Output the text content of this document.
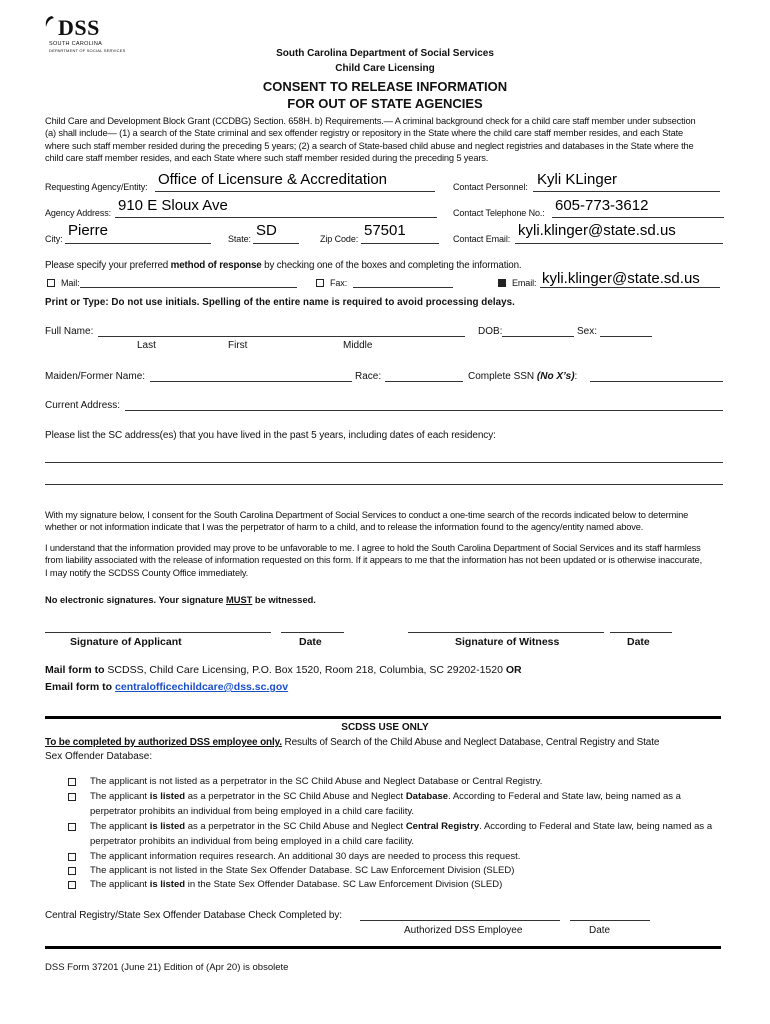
DSS
SOUTH CAROLINA
DEPARTMENT OF SOCIAL SERVICES	South Carolina Department of Social Services
Child Care Licensing
CONSENT TO RELEASE INFORMATION
FOR OUT OF STATE AGENCIES
Child Care and Development Block Grant (CCDBG) Section. 658H. b) Requirements.— A criminal background check for a child care staff member under subsection
(a) shall include— (1) a search of the State criminal and sex offender registry or repository in the State where the child care staff member resides, and each State
where such staff member resided during the preceding 5 years; (2) a search of State-based child abuse and neglect registries and databases in the State where the
child care staff member resides, and each State where such staff member resided during the preceding 5 years.
Requesting Agency/Entity: Office of Licensure & Accreditation	Contact Personnel: Kyli KLinger
Agency Address: 910 E Sloux Ave	Contact Telephone No.: 605-773-3612
City: Pierre	State: SD	Zip Code: 57501	Contact Email: kyli.klinger@state.sd.us
Please specify your preferred method of response by checking one of the boxes and completing the information.
Mail:	Fax:	Email: kyli.klinger@state.sd.us
Print or Type: Do not use initials. Spelling of the entire name is required to avoid processing delays.
Full Name:	DOB:	Sex:
Last	First	Middle
Maiden/Former Name:	Race:	Complete SSN (No X’s):
Current Address:
Please list the SC address(es) that you have lived in the past 5 years, including dates of each residency:
With my signature below, I consent for the South Carolina Department of Social Services to conduct a one-time search of the records indicated below to determine
whether or not information indicate that I was the perpetrator of harm to a child, and to release the information found to the agency/entity named above.
I understand that the information provided may prove to be unfavorable to me. I agree to hold the South Carolina Department of Social Services and its staff harmless
from liability associated with the release of information requested on this form. If it appears to me that the information has not been updated or is otherwise inaccurate,
I may notify the SCDSS County Office immediately.
No electronic signatures. Your signature MUST be witnessed.
Signature of Applicant	Date	Signature of Witness	Date
Mail form to SCDSS, Child Care Licensing, P.O. Box 1520, Room 218, Columbia, SC 29202-1520 OR
Email form to centralofficechildcare@dss.sc.gov
SCDSS USE ONLY
To be completed by authorized DSS employee only. Results of Search of the Child Abuse and Neglect Database, Central Registry and State
Sex Offender Database:
The applicant is not listed as a perpetrator in the SC Child Abuse and Neglect Database or Central Registry.
The applicant is listed as a perpetrator in the SC Child Abuse and Neglect Database. According to Federal and State law, being named as a perpetrator prohibits an individual from being employed in a child care facility.
The applicant is listed as a perpetrator in the SC Child Abuse and Neglect Central Registry. According to Federal and State law, being named as a perpetrator prohibits an individual from being employed in a child care facility.
The applicant information requires research. An additional 30 days are needed to process this request.
The applicant is not listed in the State Sex Offender Database. SC Law Enforcement Division (SLED)
The applicant is listed in the State Sex Offender Database. SC Law Enforcement Division (SLED)
Central Registry/State Sex Offender Database Check Completed by:
Authorized DSS Employee	Date
DSS Form 37201 (June 21) Edition of (Apr 20) is obsolete
